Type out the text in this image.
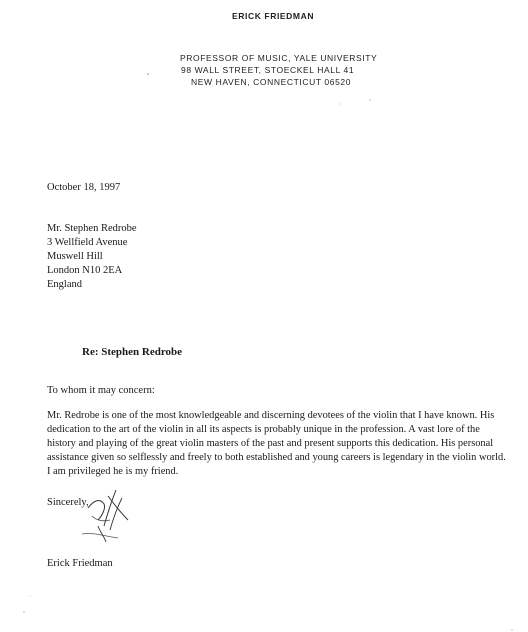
ERICK FRIEDMAN
PROFESSOR OF MUSIC, YALE UNIVERSITY
98 WALL STREET, STOECKEL HALL 41
NEW HAVEN, CONNECTICUT 06520
October 18, 1997
Mr. Stephen Redrobe
3 Wellfield Avenue
Muswell Hill
London N10 2EA
England
Re: Stephen Redrobe
To whom it may concern:
Mr. Redrobe is one of the most knowledgeable and discerning devotees of the violin that I have known. His dedication to the art of the violin in all its aspects is probably unique in the profession. A vast lore of the history and playing of the great violin masters of the past and present supports this dedication. His personal assistance given so selflessly and freely to both established and young careers is legendary in the violin world. I am privileged he is my friend.
Sincerely,
Erick Friedman
